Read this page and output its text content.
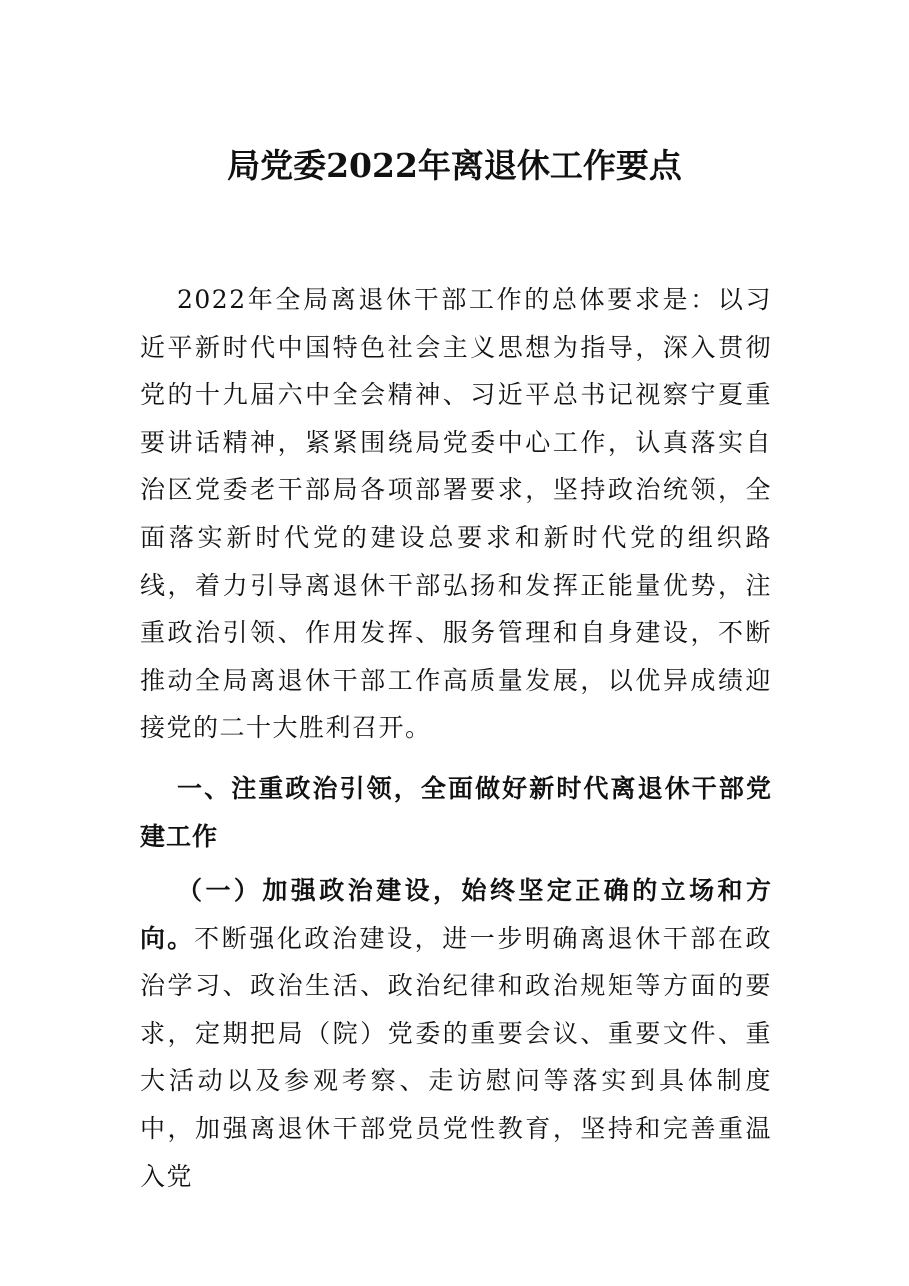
局党委2022年离退休工作要点
2022年全局离退休干部工作的总体要求是：以习近平新时代中国特色社会主义思想为指导，深入贯彻党的十九届六中全会精神、习近平总书记视察宁夏重要讲话精神，紧紧围绕局党委中心工作，认真落实自治区党委老干部局各项部署要求，坚持政治统领，全面落实新时代党的建设总要求和新时代党的组织路线，着力引导离退休干部弘扬和发挥正能量优势，注重政治引领、作用发挥、服务管理和自身建设，不断推动全局离退休干部工作高质量发展，以优异成绩迎接党的二十大胜利召开。
一、注重政治引领，全面做好新时代离退休干部党建工作
（一）加强政治建设，始终坚定正确的立场和方向。不断强化政治建设，进一步明确离退休干部在政治学习、政治生活、政治纪律和政治规矩等方面的要求，定期把局（院）党委的重要会议、重要文件、重大活动以及参观考察、走访慰问等落实到具体制度中，加强离退休干部党员党性教育，坚持和完善重温入党
